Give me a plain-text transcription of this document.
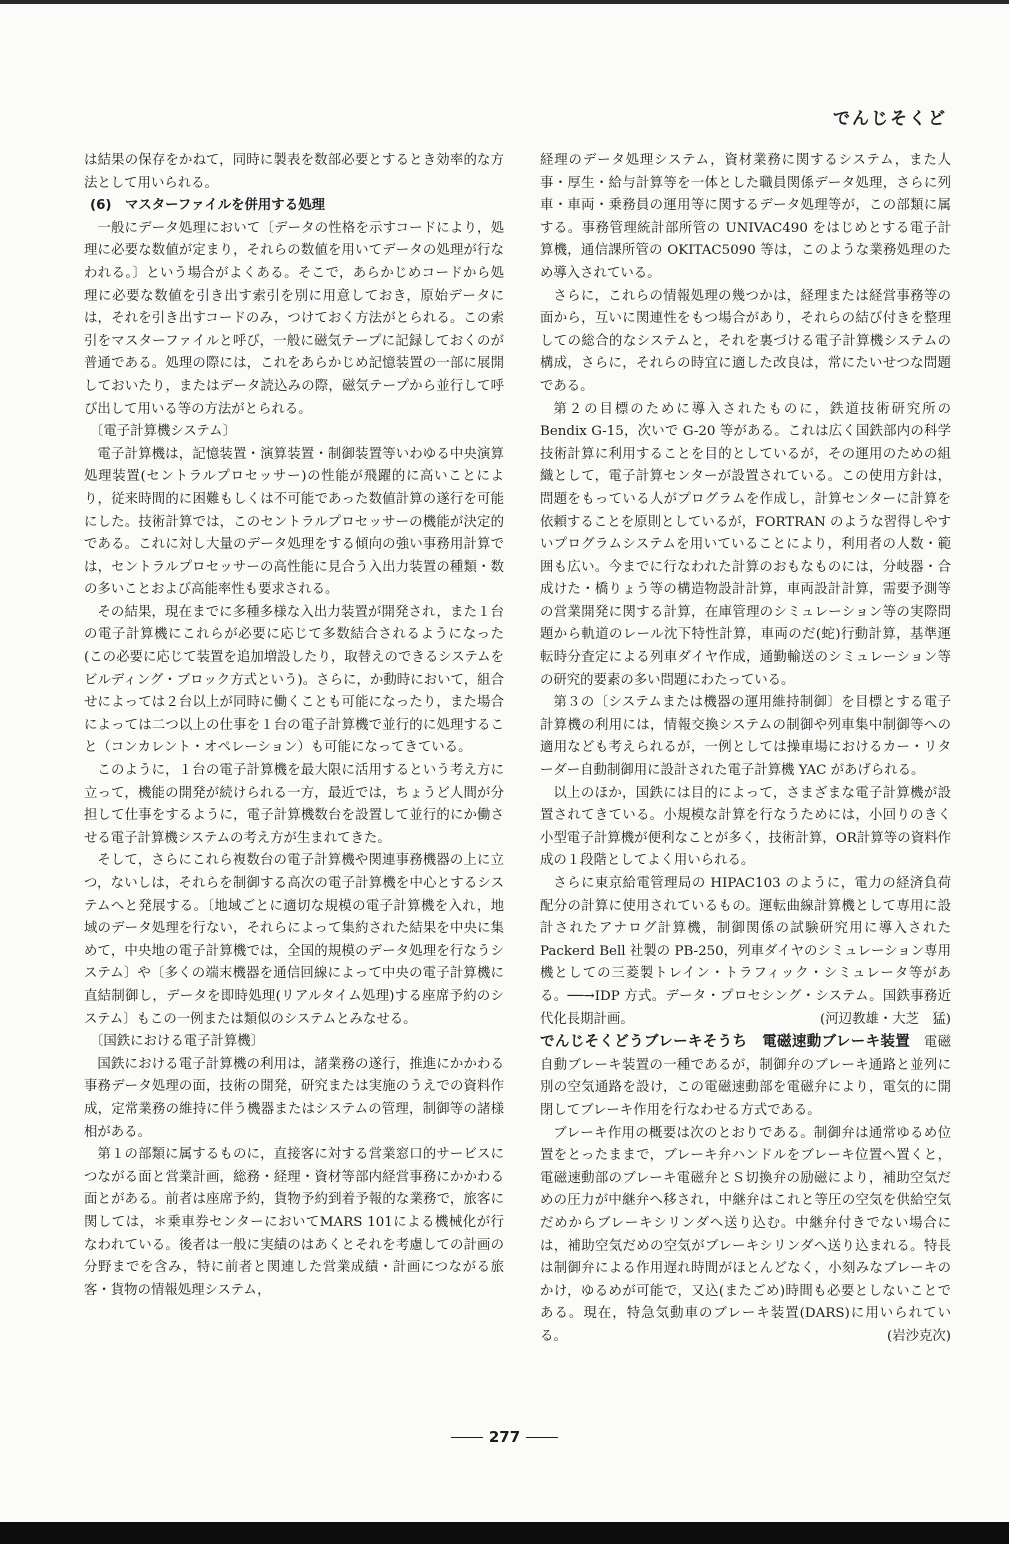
でんじそくど

は結果の保存をかねて，同時に製表を数部必要とするとき効率的な方法として用いられる。

(6)　マスターファイルを併用する処理

一般にデータ処理において〔データの性格を示すコードにより，処理に必要な数値が定まり，それらの数値を用いてデータの処理が行なわれる。〕という場合がよくある。そこで，あらかじめコードから処理に必要な数値を引き出す索引を別に用意しておき，原始データには，それを引き出すコードのみ，つけておく方法がとられる。この索引をマスターファイルと呼び，一般に磁気テープに記録しておくのが普通である。処理の際には，これをあらかじめ記憶装置の一部に展開しておいたり，またはデータ読込みの際，磁気テープから並行して呼び出して用いる等の方法がとられる。

〔電子計算機システム〕

電子計算機は，記憶装置・演算装置・制御装置等いわゆる中央演算処理装置(セントラルプロセッサー)の性能が飛躍的に高いことにより，従来時間的に困難もしくは不可能であった数値計算の遂行を可能にした。技術計算では，このセントラルプロセッサーの機能が決定的である。これに対し大量のデータ処理をする傾向の強い事務用計算では，セントラルプロセッサーの高性能に見合う入出力装置の種類・数の多いことおよび高能率性も要求される。

その結果，現在までに多種多様な入出力装置が開発され，また１台の電子計算機にこれらが必要に応じて多数結合されるようになった(この必要に応じて装置を追加増設したり，取替えのできるシステムをビルディング・ブロック方式という)。さらに，か動時において，組合せによっては２台以上が同時に働くことも可能になったり，また場合によっては二つ以上の仕事を１台の電子計算機で並行的に処理すること（コンカレント・オペレーション）も可能になってきている。

このように，１台の電子計算機を最大限に活用するという考え方に立って，機能の開発が続けられる一方，最近では，ちょうど人間が分担して仕事をするように，電子計算機数台を設置して並行的にか働させる電子計算機システムの考え方が生まれてきた。

そして，さらにこれら複数台の電子計算機や関連事務機器の上に立つ，ないしは，それらを制御する高次の電子計算機を中心とするシステムへと発展する。〔地域ごとに適切な規模の電子計算機を入れ，地域のデータ処理を行ない，それらによって集約された結果を中央に集めて，中央地の電子計算機では，全国的規模のデータ処理を行なうシステム〕や〔多くの端末機器を通信回線によって中央の電子計算機に直結制御し，データを即時処理(リアルタイム処理)する座席予約のシステム〕もこの一例または類似のシステムとみなせる。

〔国鉄における電子計算機〕

国鉄における電子計算機の利用は，諸業務の遂行，推進にかかわる事務データ処理の面，技術の開発，研究または実施のうえでの資料作成，定常業務の維持に伴う機器またはシステムの管理，制御等の諸様相がある。

第１の部類に属するものに，直接客に対する営業窓口的サービスにつながる面と営業計画，総務・経理・資材等部内経営事務にかかわる面とがある。前者は座席予約，貨物予約到着予報的な業務で，旅客に関しては，＊乗車券センターにおいてMARS 101による機械化が行なわれている。後者は一般に実績のはあくとそれを考慮しての計画の分野までを含み，特に前者と関連した営業成績・計画につながる旅客・貨物の情報処理システム，

経理のデータ処理システム，資材業務に関するシステム，また人事・厚生・給与計算等を一体とした職員関係データ処理，さらに列車・車両・乗務員の運用等に関するデータ処理等が，この部類に属する。事務管理統計部所管の UNIVAC490 をはじめとする電子計算機，通信課所管の OKITAC5090 等は，このような業務処理のため導入されている。

さらに，これらの情報処理の幾つかは，経理または経営事務等の面から，互いに関連性をもつ場合があり，それらの結び付きを整理しての総合的なシステムと，それを裏づける電子計算機システムの構成，さらに，それらの時宜に適した改良は，常にたいせつな問題である。

第２の目標のために導入されたものに，鉄道技術研究所の Bendix G-15，次いで G-20 等がある。これは広く国鉄部内の科学技術計算に利用することを目的としているが，その運用のための組織として，電子計算センターが設置されている。この使用方針は，問題をもっている人がプログラムを作成し，計算センターに計算を依頼することを原則としているが，FORTRAN のような習得しやすいプログラムシステムを用いていることにより，利用者の人数・範囲も広い。今までに行なわれた計算のおもなものには，分岐器・合成けた・橋りょう等の構造物設計計算，車両設計計算，需要予測等の営業開発に関する計算，在庫管理のシミュレーション等の実際問題から軌道のレール沈下特性計算，車両のだ(蛇)行動計算，基準運転時分査定による列車ダイヤ作成，通勤輸送のシミュレーション等の研究的要素の多い問題にわたっている。

第３の〔システムまたは機器の運用維持制御〕を目標とする電子計算機の利用には，情報交換システムの制御や列車集中制御等への適用なども考えられるが，一例としては操車場におけるカー・リターダー自動制御用に設計された電子計算機 YAC があげられる。

以上のほか，国鉄には目的によって，さまざまな電子計算機が設置されてきている。小規模な計算を行なうためには，小回りのきく小型電子計算機が便利なことが多く，技術計算，OR計算等の資料作成の１段階としてよく用いられる。

さらに東京給電管理局の HIPAC103 のように，電力の経済負荷配分の計算に使用されているもの。運転曲線計算機として専用に設計されたアナログ計算機，制御関係の試験研究用に導入された Packerd Bell 社製の PB-250，列車ダイヤのシミュレーション専用機としての三菱製トレイン・トラフィック・シミュレータ等がある。──→IDP 方式。データ・プロセシング・システム。国鉄事務近代化長期計画。	(河辺教雄・大芝　猛)

でんじそくどうブレーキそうち　電磁速動ブレーキ装置　 電磁自動ブレーキ装置の一種であるが，制御弁のブレーキ通路と並列に別の空気通路を設け，この電磁速動部を電磁弁により，電気的に開閉してブレーキ作用を行なわせる方式である。

ブレーキ作用の概要は次のとおりである。制御弁は通常ゆるめ位置をとったままで，ブレーキ弁ハンドルをブレーキ位置へ置くと，電磁速動部のブレーキ電磁弁とＳ切換弁の励磁により，補助空気だめの圧力が中継弁へ移され，中継弁はこれと等圧の空気を供給空気だめからブレーキシリンダへ送り込む。中継弁付きでない場合には，補助空気だめの空気がブレーキシリンダへ送り込まれる。特長は制御弁による作用遅れ時間がほとんどなく，小刻みなブレーキのかけ，ゆるめが可能で，又込(またごめ)時間も必要としないことである。現在，特急気動車のブレーキ装置(DARS)に用いられている。	(岩沙克次)

277
